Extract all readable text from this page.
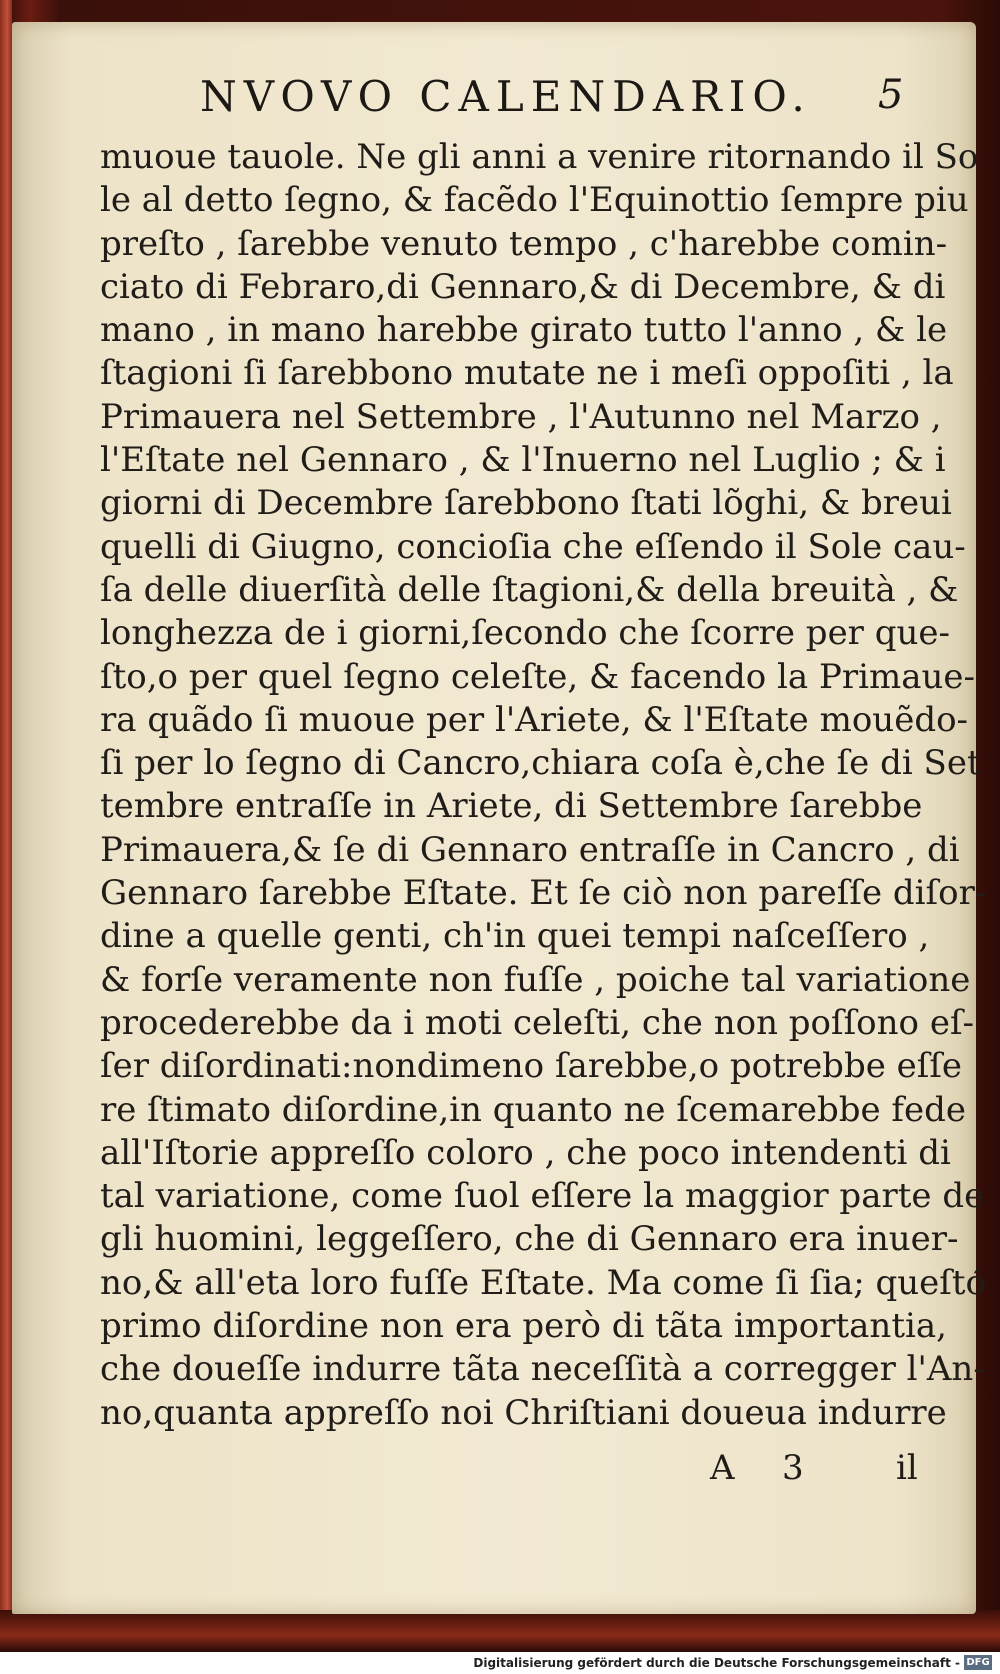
NVOVO CALENDARIO. 5
muoue tauole. Ne gli anni a venire ritornando il So
le al detto ſegno, & facẽdo l'Equinottio ſempre piu
preſto , ſarebbe venuto tempo , c'harebbe comin-
ciato di Febraro,di Gennaro,& di Decembre, & di
mano , in mano harebbe girato tutto l'anno , & le
ſtagioni ſi ſarebbono mutate ne i meſi oppoſiti , la
Primauera nel Settembre , l'Autunno nel Marzo ,
l'Eſtate nel Gennaro , & l'Inuerno nel Luglio ; & i
giorni di Decembre ſarebbono ſtati lõghi, & breui
quelli di Giugno, concioſia che eſſendo il Sole cau-
ſa delle diuerſità delle ſtagioni,& della breuità , &
longhezza de i giorni,ſecondo che ſcorre per que-
ſto,o per quel ſegno celeſte, & facendo la Primaue-
ra quãdo ſi muoue per l'Ariete, & l'Eſtate mouẽdo-
ſi per lo ſegno di Cancro,chiara coſa è,che ſe di Set
tembre entraſſe in Ariete, di Settembre ſarebbe
Primauera,& ſe di Gennaro entraſſe in Cancro , di
Gennaro ſarebbe Eſtate. Et ſe ciò non pareſſe diſor-
dine a quelle genti, ch'in quei tempi naſceſſero ,
& forſe veramente non fuſſe , poiche tal variatione
procederebbe da i moti celeſti, che non poſſono eſ-
ſer diſordinati:nondimeno ſarebbe,o potrebbe eſſe
re ſtimato diſordine,in quanto ne ſcemarebbe fede
all'Iſtorie appreſſo coloro , che poco intendenti di
tal variatione, come ſuol eſſere la maggior parte de
gli huomini, leggeſſero, che di Gennaro era inuer-
no,& all'eta loro fuſſe Eſtate. Ma come ſi ſia; queſtó
primo diſordine non era però di tãta importantia,
che doueſſe indurre tãta neceſſità a corregger l'An-
no,quanta appreſſo noi Chriſtiani doueua indurre
A 3	il
Digitalisierung gefördert durch die Deutsche Forschungsgemeinschaft - DFG
